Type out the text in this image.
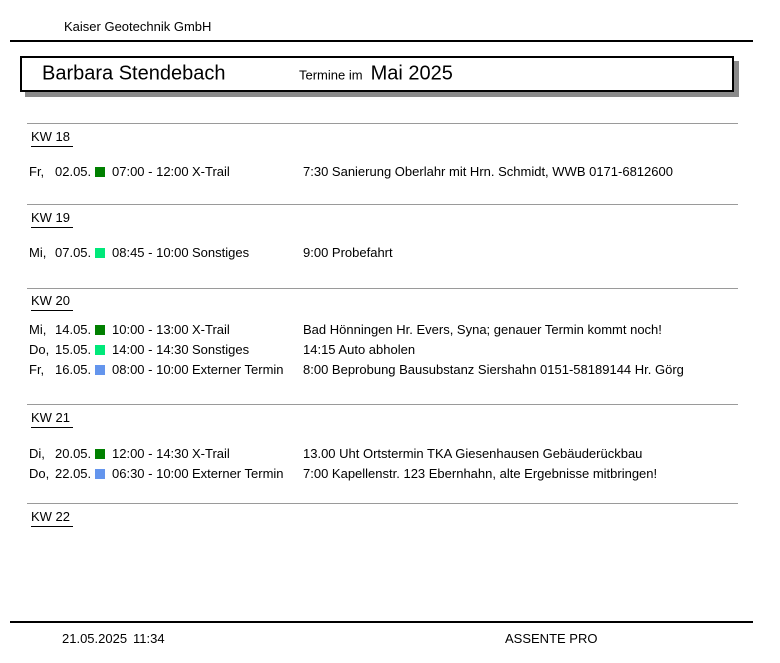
Kaiser Geotechnik GmbH
Barbara Stendebach	Termine im Mai 2025
KW 18
Fr, 02.05. 07:00 - 12:00 X-Trail	7:30 Sanierung Oberlahr mit Hrn. Schmidt, WWB 0171-6812600
KW 19
Mi, 07.05. 08:45 - 10:00 Sonstiges	9:00 Probefahrt
KW 20
Mi, 14.05. 10:00 - 13:00 X-Trail	Bad Hönningen Hr. Evers, Syna; genauer Termin kommt noch!
Do, 15.05. 14:00 - 14:30 Sonstiges	14:15 Auto abholen
Fr, 16.05. 08:00 - 10:00 Externer Termin	8:00 Beprobung Bausubstanz Siershahn 0151-58189144 Hr. Görg
KW 21
Di, 20.05. 12:00 - 14:30 X-Trail	13.00 Uht Ortstermin TKA Giesenhausen Gebäuderückbau
Do, 22.05. 06:30 - 10:00 Externer Termin	7:00 Kapellenstr. 123 Ebernhahn, alte Ergebnisse mitbringen!
KW 22
21.05.2025 11:34	ASSENTE PRO
